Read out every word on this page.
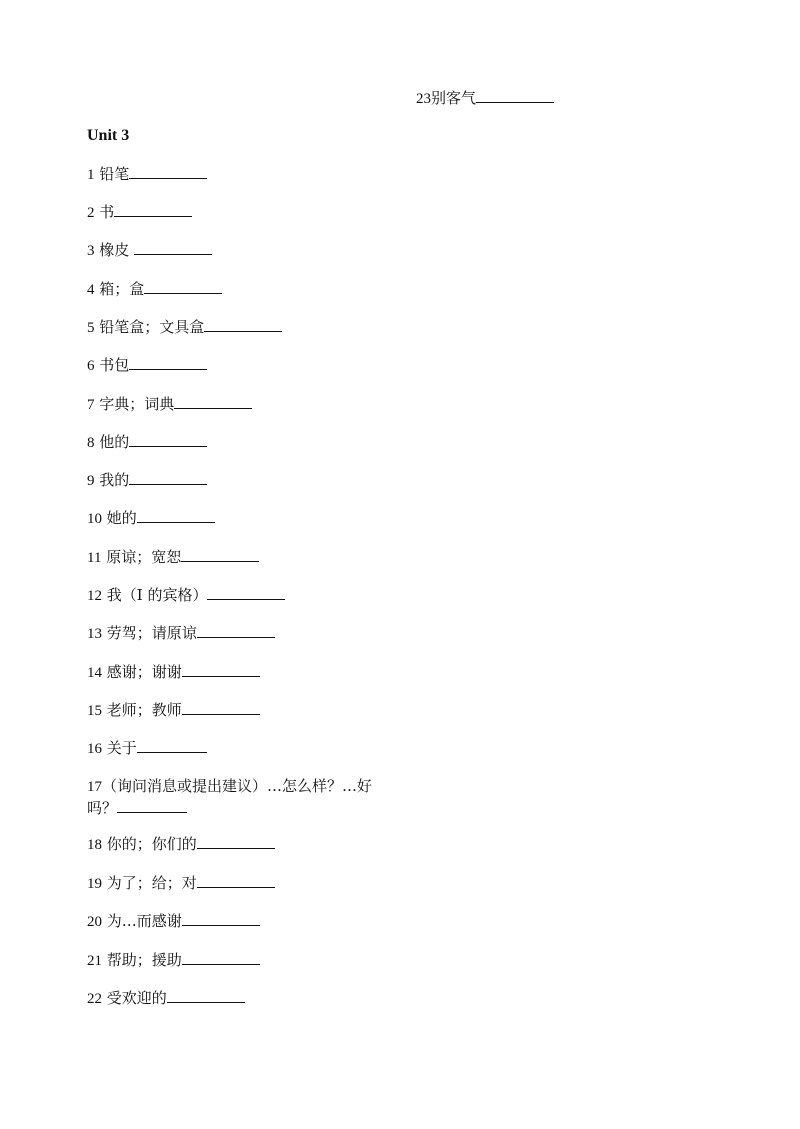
23别客气
Unit 3
1 铅笔
2 书
3 橡皮
4 箱；盒
5 铅笔盒；文具盒
6 书包
7 字典；词典
8 他的
9 我的
10 她的
11 原谅；宽恕
12 我（I 的宾格）
13 劳驾；请原谅
14 感谢；谢谢
15 老师；教师
16 关于
17（询问消息或提出建议）…怎么样？…好吗？
18 你的；你们的
19 为了；给；对
20 为…而感谢
21 帮助；援助
22 受欢迎的
